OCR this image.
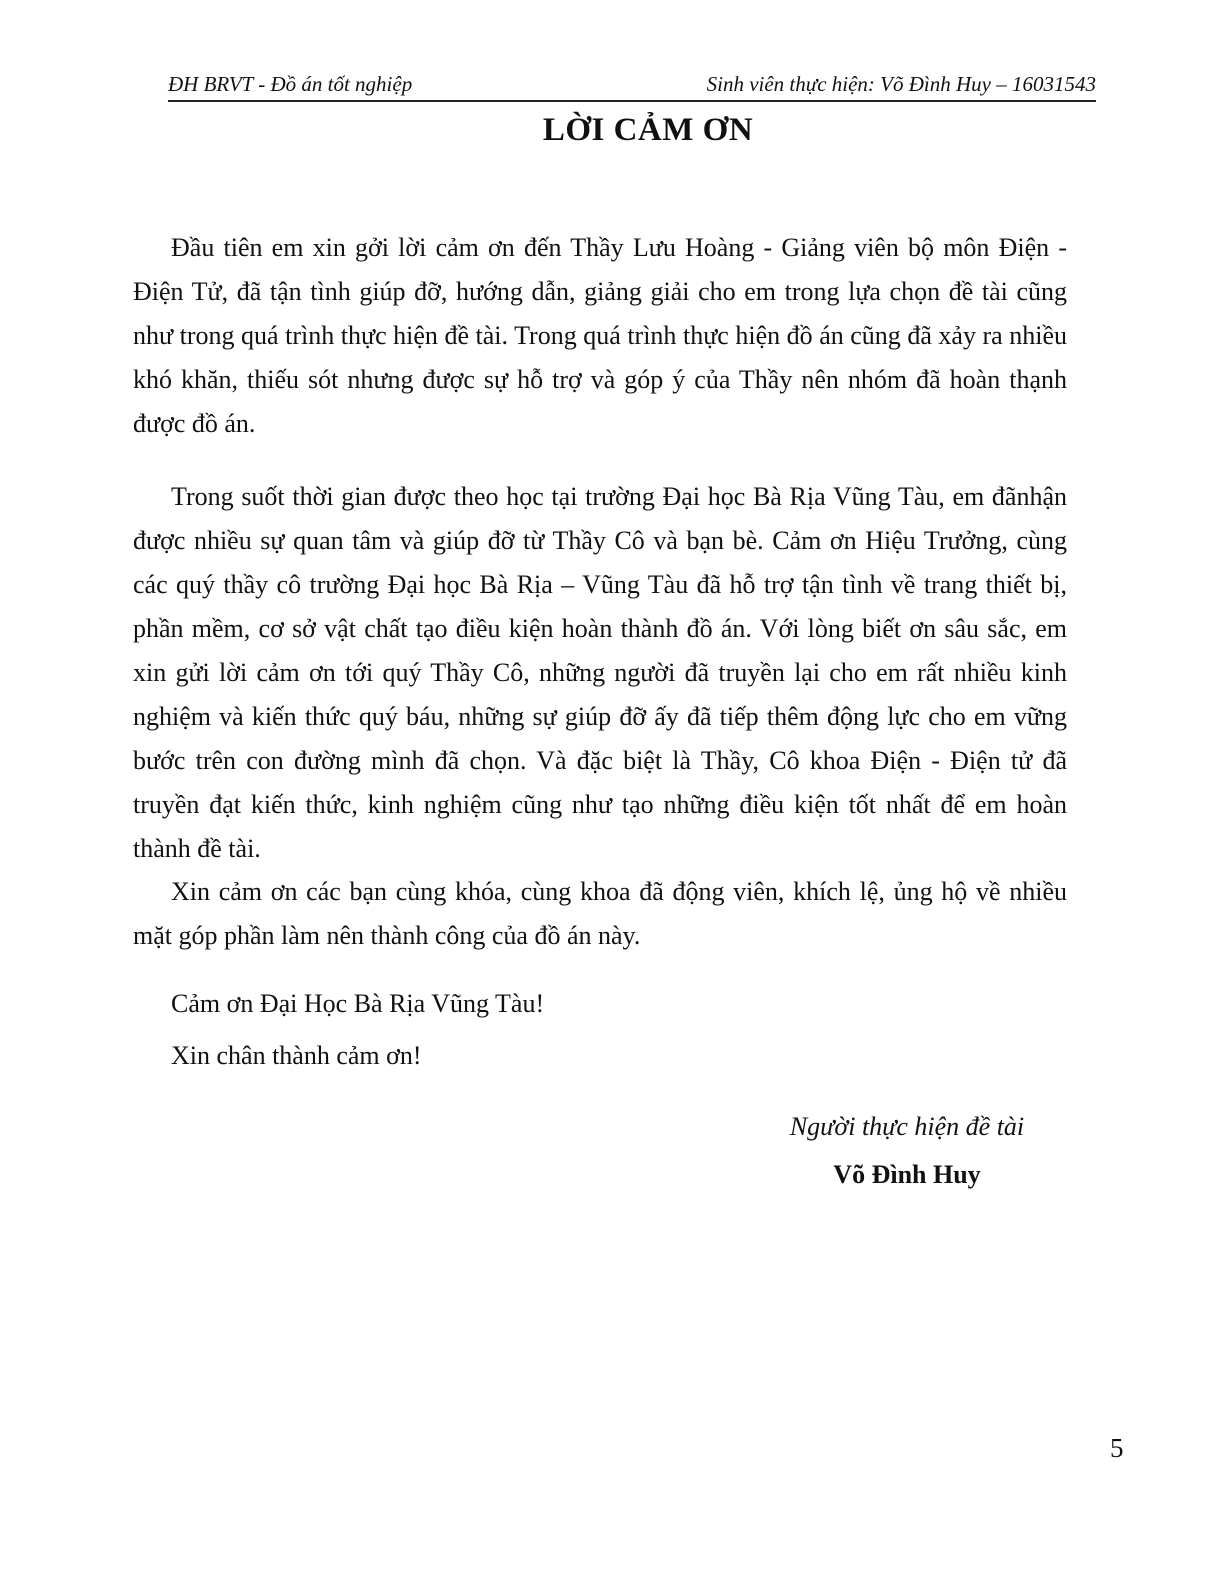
ĐH BRVT - Đồ án tốt nghiệp	Sinh viên thực hiện: Võ Đình Huy – 16031543
LỜI CẢM ƠN

Đầu tiên em xin gởi lời cảm ơn đến Thầy Lưu Hoàng - Giảng viên bộ môn Điện - Điện Tử, đã tận tình giúp đỡ, hướng dẫn, giảng giải cho em trong lựa chọn đề tài cũng như trong quá trình thực hiện đề tài. Trong quá trình thực hiện đồ án cũng đã xảy ra nhiều khó khăn, thiếu sót nhưng được sự hỗ trợ và góp ý của Thầy nên nhóm đã hoàn thạnh được đồ án.

Trong suốt thời gian được theo học tại trường Đại học Bà Rịa Vũng Tàu, em đãnhận được nhiều sự quan tâm và giúp đỡ từ Thầy Cô và bạn bè. Cảm ơn Hiệu Trưởng, cùng các quý thầy cô trường Đại học Bà Rịa – Vũng Tàu đã hỗ trợ tận tình về trang thiết bị, phần mềm, cơ sở vật chất tạo điều kiện hoàn thành đồ án. Với lòng biết ơn sâu sắc, em xin gửi lời cảm ơn tới quý Thầy Cô, những người đã truyền lại cho em rất nhiều kinh nghiệm và kiến thức quý báu, những sự giúp đỡ ấy đã tiếp thêm động lực cho em vững bước trên con đường mình đã chọn. Và đặc biệt là Thầy, Cô khoa Điện - Điện tử đã truyền đạt kiến thức, kinh nghiệm cũng như tạo những điều kiện tốt nhất để em hoàn thành đề tài.

Xin cảm ơn các bạn cùng khóa, cùng khoa đã động viên, khích lệ, ủng hộ về nhiều mặt góp phần làm nên thành công của đồ án này.

Cảm ơn Đại Học Bà Rịa Vũng Tàu!

Xin chân thành cảm ơn!

Người thực hiện đề tài
Võ Đình Huy
5
